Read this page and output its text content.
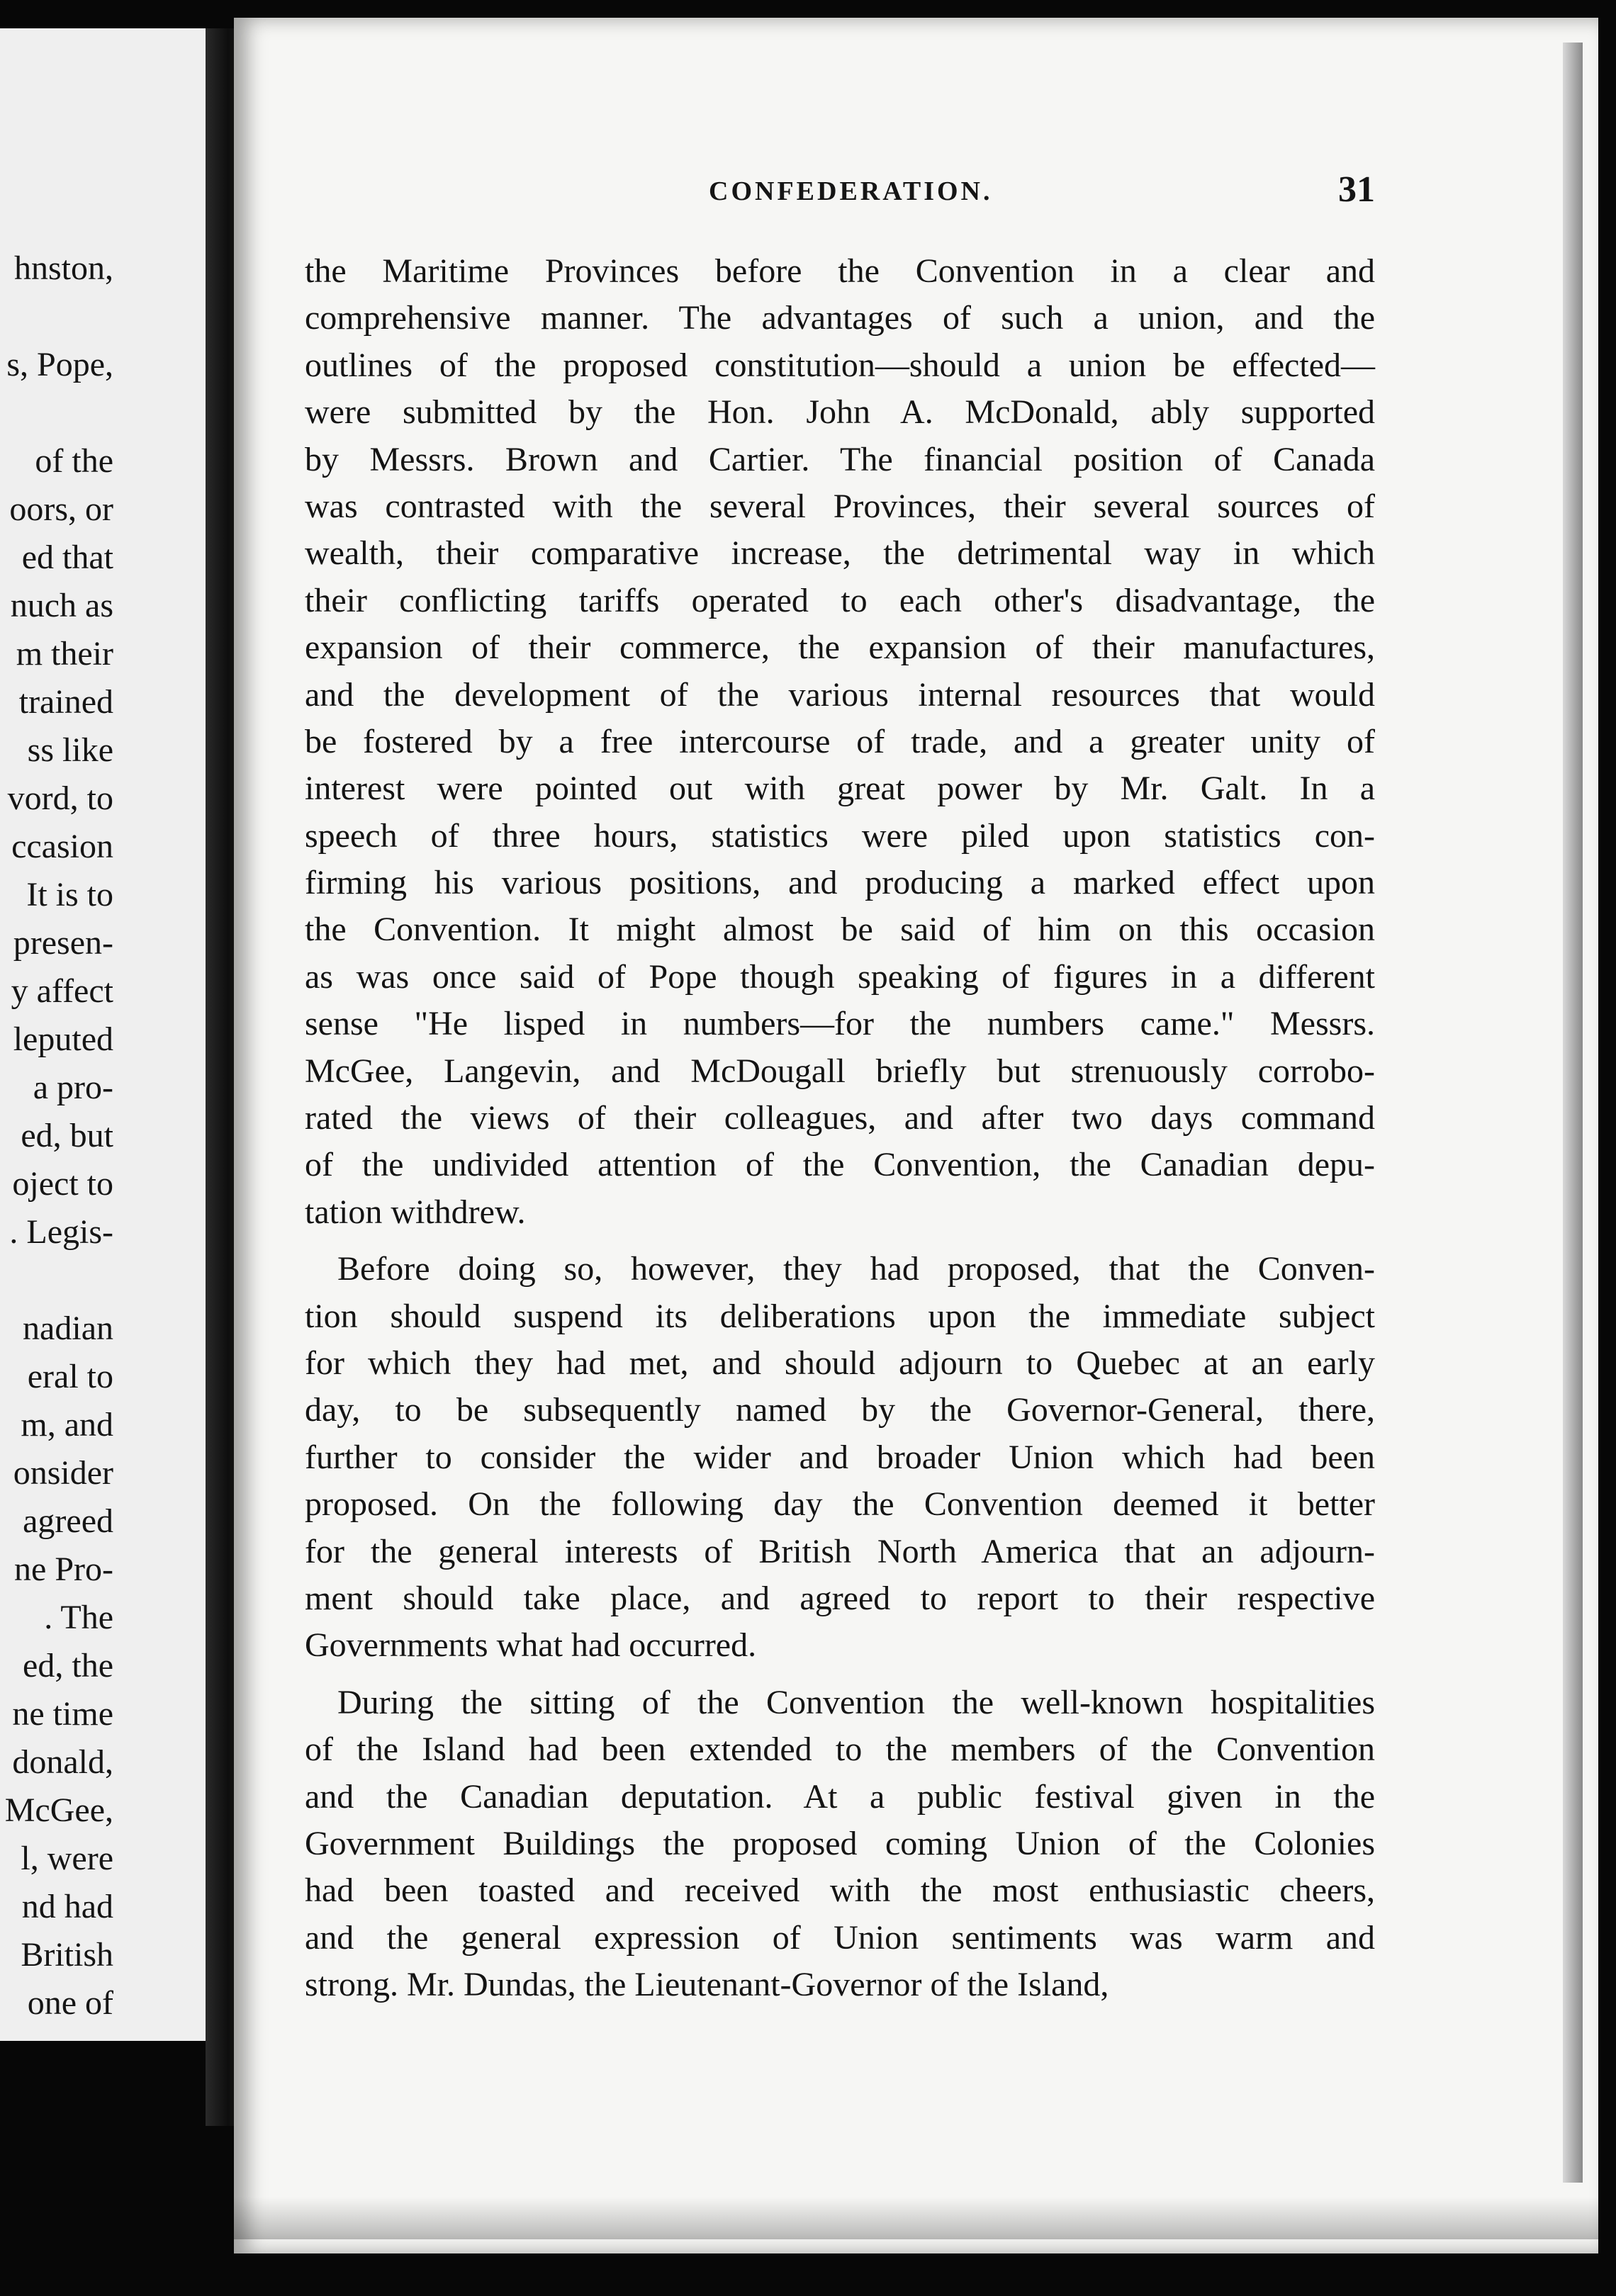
hnston,
s, Pope,
of the
oors, or
ed that
nuch as
m their
trained
ss like
vord, to
ccasion
It is to
presen-
y affect
leputed
a pro-
ed, but
oject to
. Legis-
nadian
eral to
m, and
onsider
agreed
ne Pro-
. The
ed, the
ne time
donald,
McGee,
l, were
nd had
British
one of
CONFEDERATION.	31
the Maritime Provinces before the Convention in a clear and
comprehensive manner. The advantages of such a union, and the
outlines of the proposed constitution—should a union be effected—
were submitted by the Hon. John A. McDonald, ably supported
by Messrs. Brown and Cartier. The financial position of Canada
was contrasted with the several Provinces, their several sources of
wealth, their comparative increase, the detrimental way in which
their conflicting tariffs operated to each other's disadvantage, the
expansion of their commerce, the expansion of their manufactures,
and the development of the various internal resources that would
be fostered by a free intercourse of trade, and a greater unity of
interest were pointed out with great power by Mr. Galt. In a
speech of three hours, statistics were piled upon statistics con-
firming his various positions, and producing a marked effect upon
the Convention. It might almost be said of him on this occasion
as was once said of Pope though speaking of figures in a different
sense "He lisped in numbers—for the numbers came." Messrs.
McGee, Langevin, and McDougall briefly but strenuously corrobo-
rated the views of their colleagues, and after two days command
of the undivided attention of the Convention, the Canadian depu-
tation withdrew.
Before doing so, however, they had proposed, that the Conven-
tion should suspend its deliberations upon the immediate subject
for which they had met, and should adjourn to Quebec at an early
day, to be subsequently named by the Governor-General, there,
further to consider the wider and broader Union which had been
proposed. On the following day the Convention deemed it better
for the general interests of British North America that an adjourn-
ment should take place, and agreed to report to their respective
Governments what had occurred.
During the sitting of the Convention the well-known hospitalities
of the Island had been extended to the members of the Convention
and the Canadian deputation. At a public festival given in the
Government Buildings the proposed coming Union of the Colonies
had been toasted and received with the most enthusiastic cheers,
and the general expression of Union sentiments was warm and
strong. Mr. Dundas, the Lieutenant-Governor of the Island,
